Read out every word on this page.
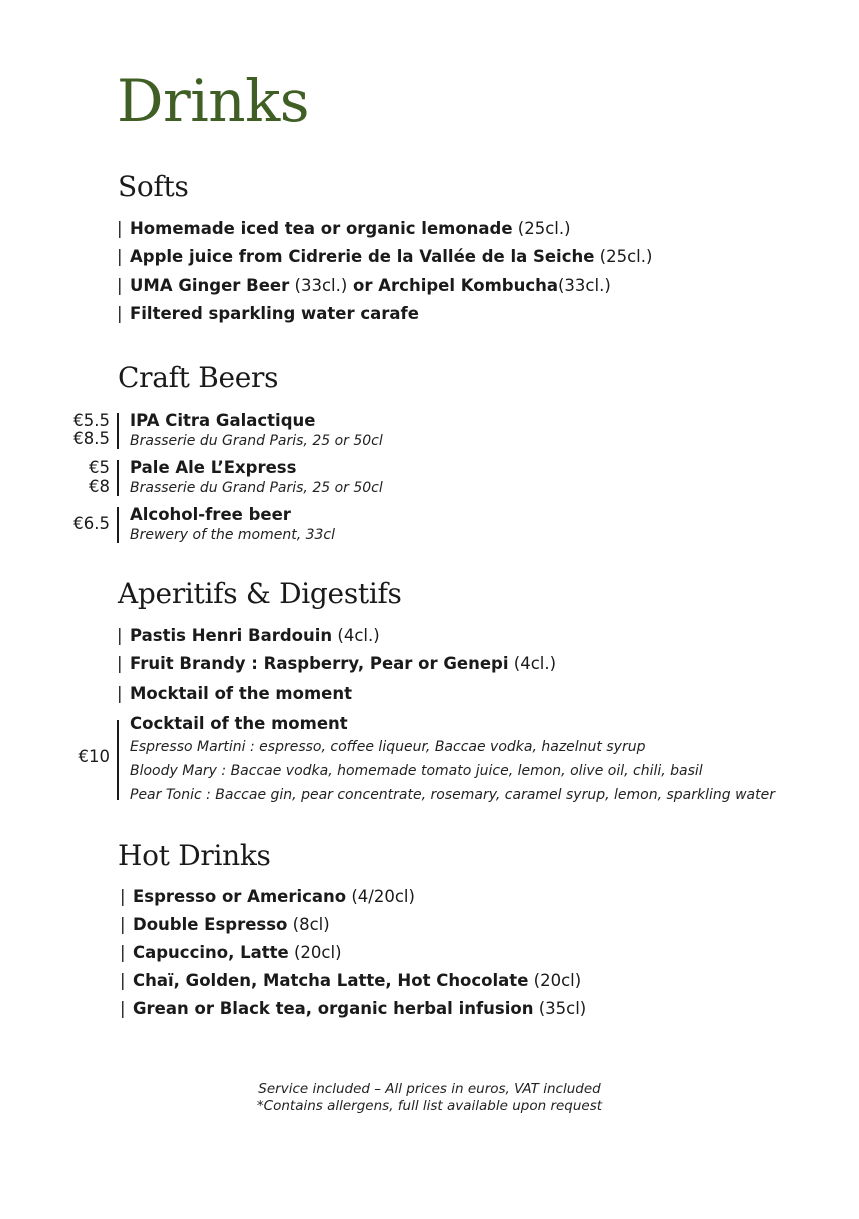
Drinks
Softs
| Homemade iced tea or organic lemonade (25cl.)
| Apple juice from Cidrerie de la Vallée de la Seiche (25cl.)
| UMA Ginger Beer (33cl.) or Archipel Kombucha(33cl.)
| Filtered sparkling water carafe
Craft Beers
€5.5
€8.5
IPA Citra Galactique
Brasserie du Grand Paris, 25 or 50cl
€5
€8
Pale Ale L’Express
Brasserie du Grand Paris, 25 or 50cl
€6.5 Alcohol-free beer
Brewery of the moment, 33cl
Aperitifs & Digestifs
| Pastis Henri Bardouin (4cl.)
| Fruit Brandy : Raspberry, Pear or Genepi (4cl.)
| Mocktail of the moment
€10
Cocktail of the moment
Espresso Martini : espresso, coffee liqueur, Baccae vodka, hazelnut syrup
Bloody Mary : Baccae vodka, homemade tomato juice, lemon, olive oil, chili, basil
Pear Tonic : Baccae gin, pear concentrate, rosemary, caramel syrup, lemon, sparkling water
Hot Drinks
| Espresso or Americano (4/20cl)
| Double Espresso (8cl)
| Capuccino, Latte (20cl)
| Chaï, Golden, Matcha Latte, Hot Chocolate (20cl)
| Grean or Black tea, organic herbal infusion (35cl)
Service included – All prices in euros, VAT included
*Contains allergens, full list available upon request
